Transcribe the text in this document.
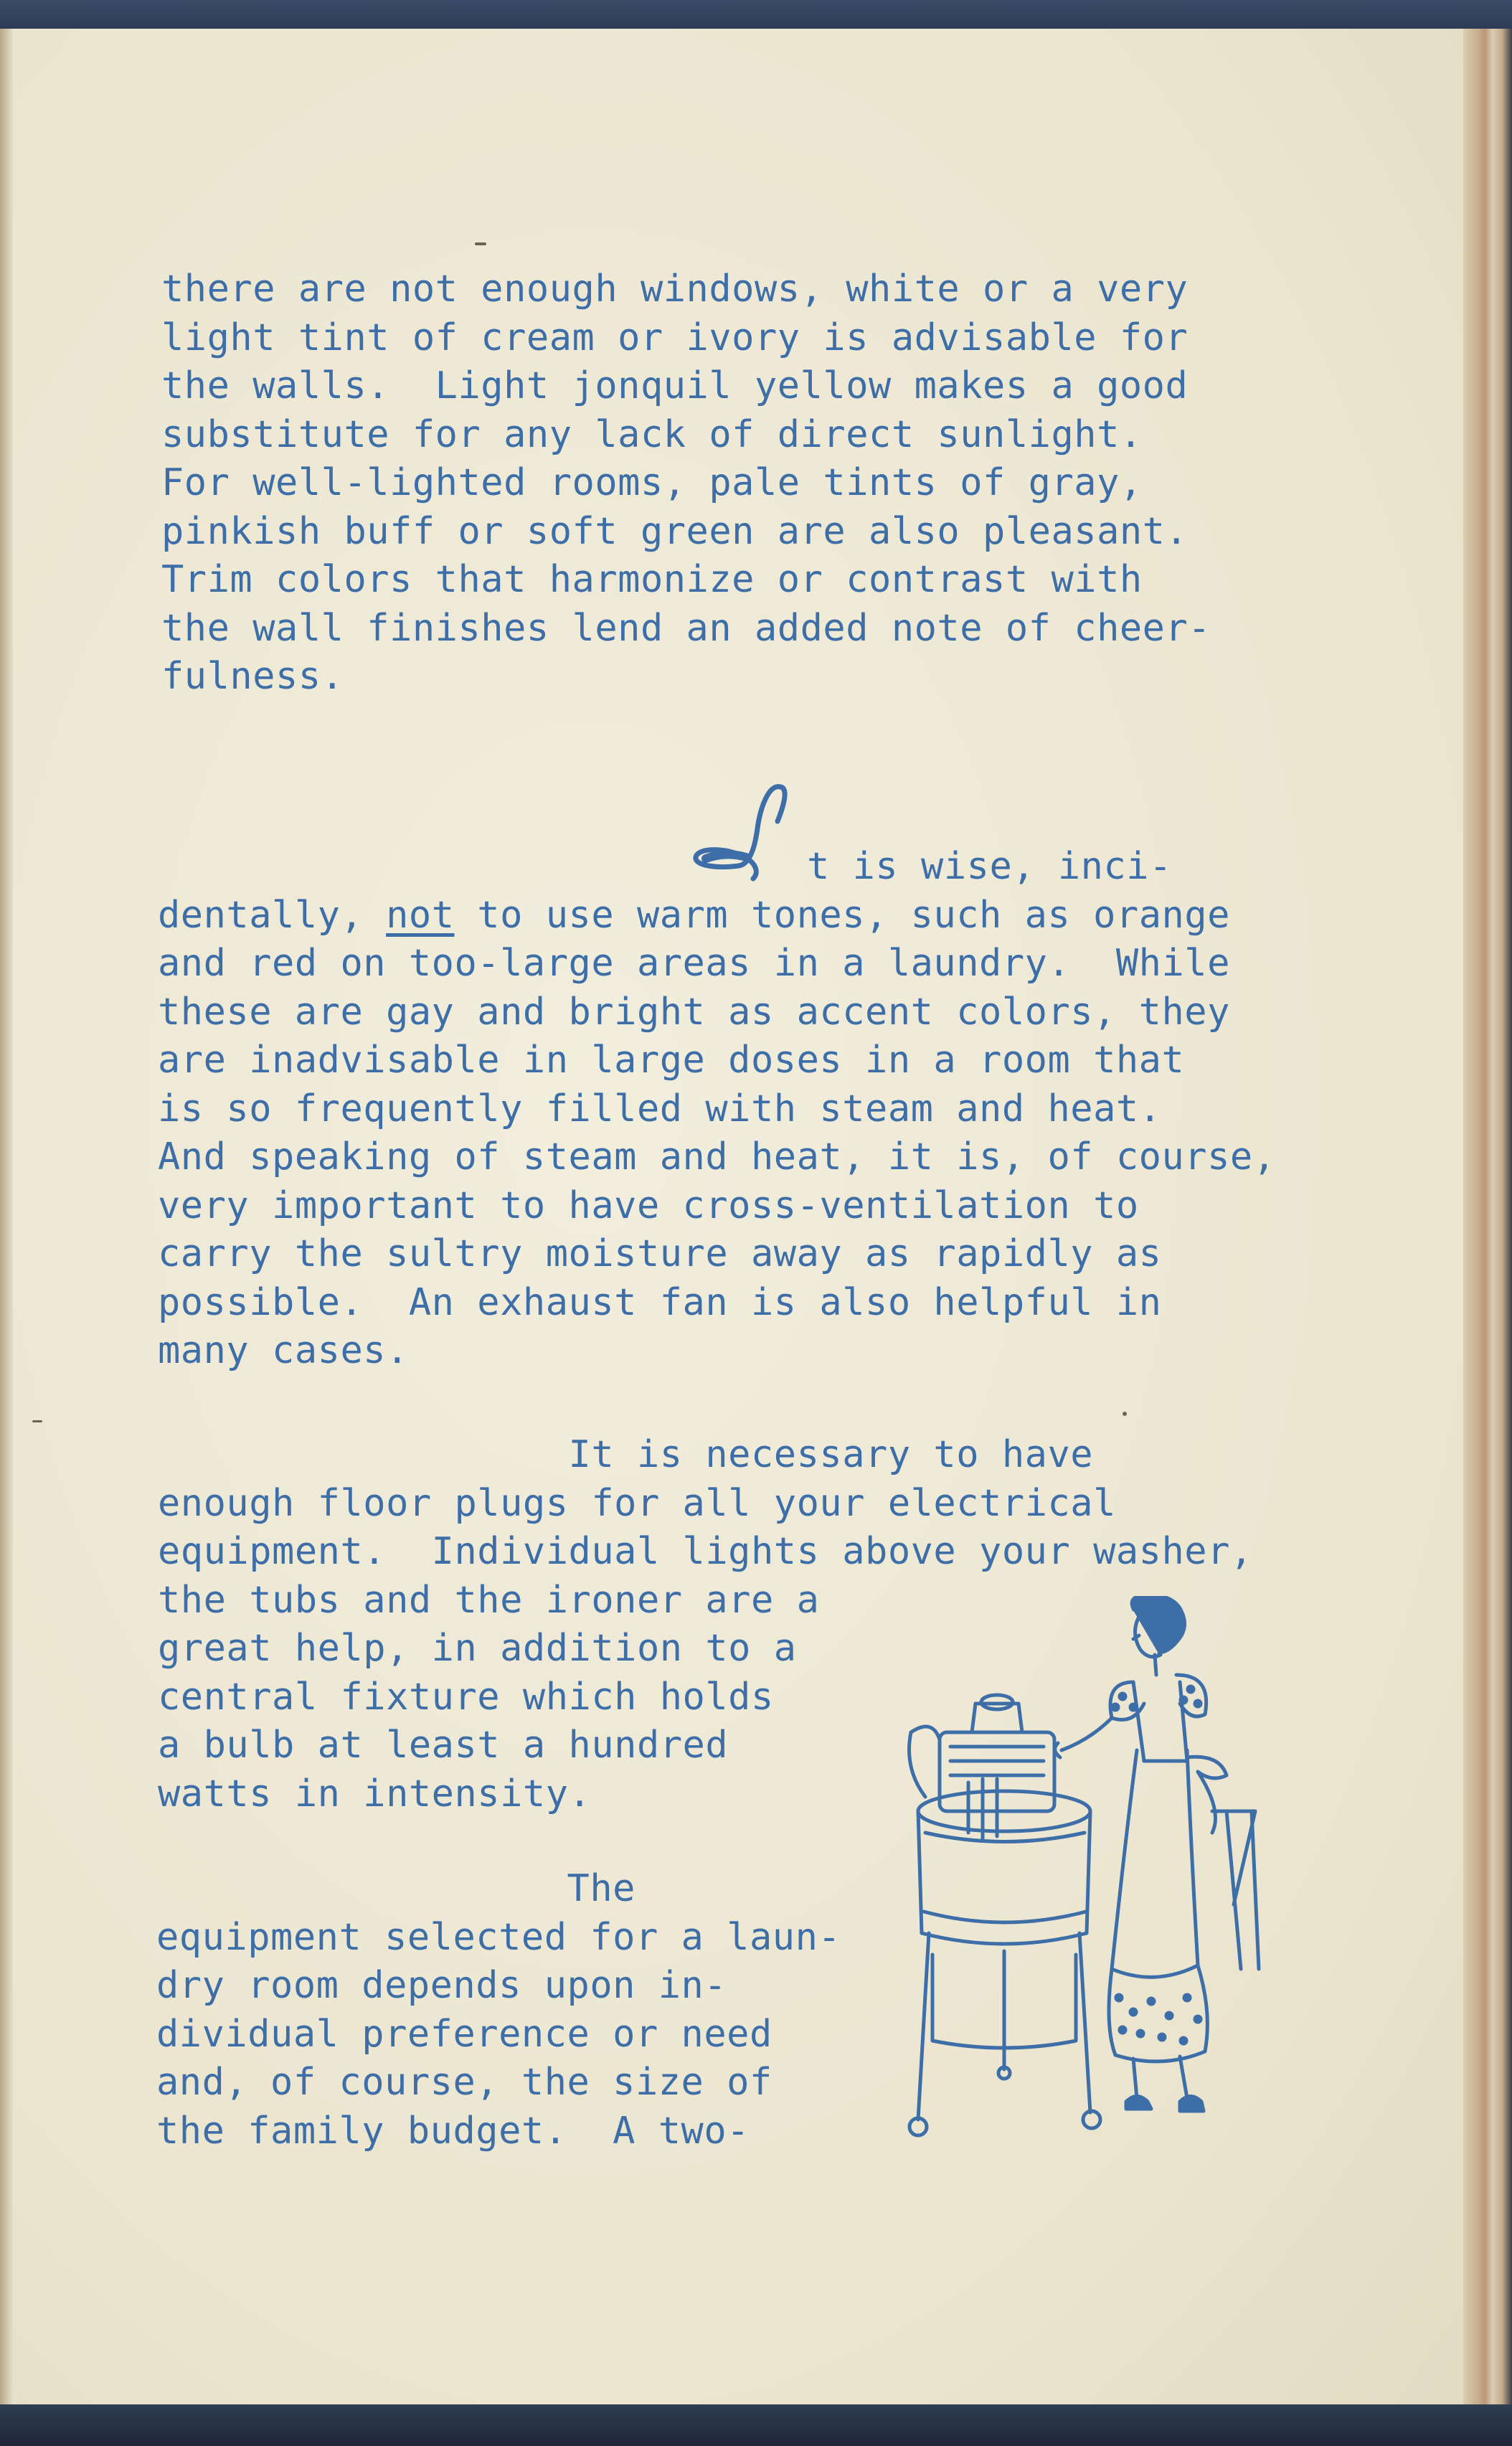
there are not enough windows, white or a very
light tint of cream or ivory is advisable for
the walls.  Light jonquil yellow makes a good
substitute for any lack of direct sunlight.
For well-lighted rooms, pale tints of gray,
pinkish buff or soft green are also pleasant.
Trim colors that harmonize or contrast with
the wall finishes lend an added note of cheer-
fulness.
I
t is wise, inci-
dentally, not to use warm tones, such as orange
and red on too-large areas in a laundry.  While
these are gay and bright as accent colors, they
are inadvisable in large doses in a room that
is so frequently filled with steam and heat.
And speaking of steam and heat, it is, of course,
very important to have cross-ventilation to
carry the sultry moisture away as rapidly as
possible.  An exhaust fan is also helpful in
many cases.
It is necessary to have
enough floor plugs for all your electrical
equipment.  Individual lights above your washer,
the tubs and the ironer are a
great help, in addition to a
central fixture which holds
a bulb at least a hundred
watts in intensity.
The
equipment selected for a laun-
dry room depends upon in-
dividual preference or need
and, of course, the size of
the family budget.  A two-
